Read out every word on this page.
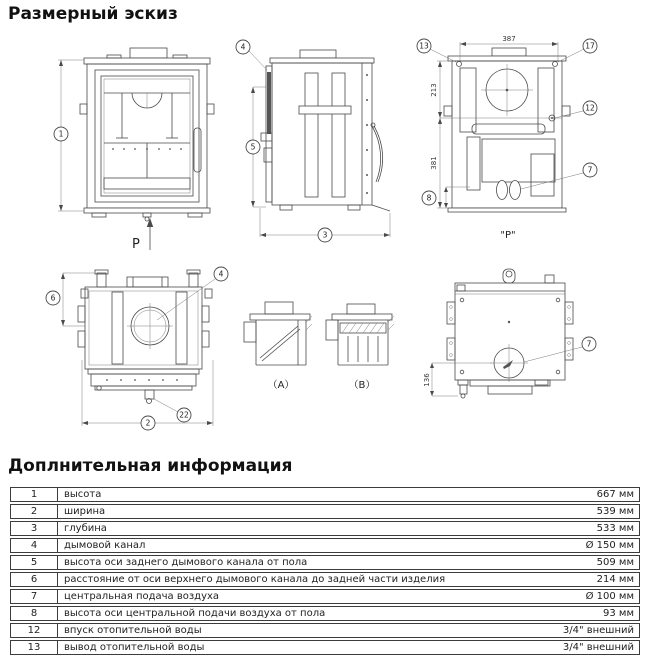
Размерный эскиз
1
P
4
5
3
387
13	17
12
7
213
381
8
"P"
6
4
22
2
（A）	（B）	136
7
Доплнительная информация
1	высота	667 мм
2	ширина	539 мм
3	глубина	533 мм
4	дымовой канал	Ø 150 мм
5	высота оси заднего дымового канала от пола	509 мм
6	расстояние от оси верхнего дымового канала до задней части изделия	214 мм
7	центральная подача воздуха	Ø 100 мм
8	высота оси центральной подачи воздуха от пола	93 мм
12	впуск отопительной воды	3/4" внешний
13	вывод отопительной воды	3/4" внешний
